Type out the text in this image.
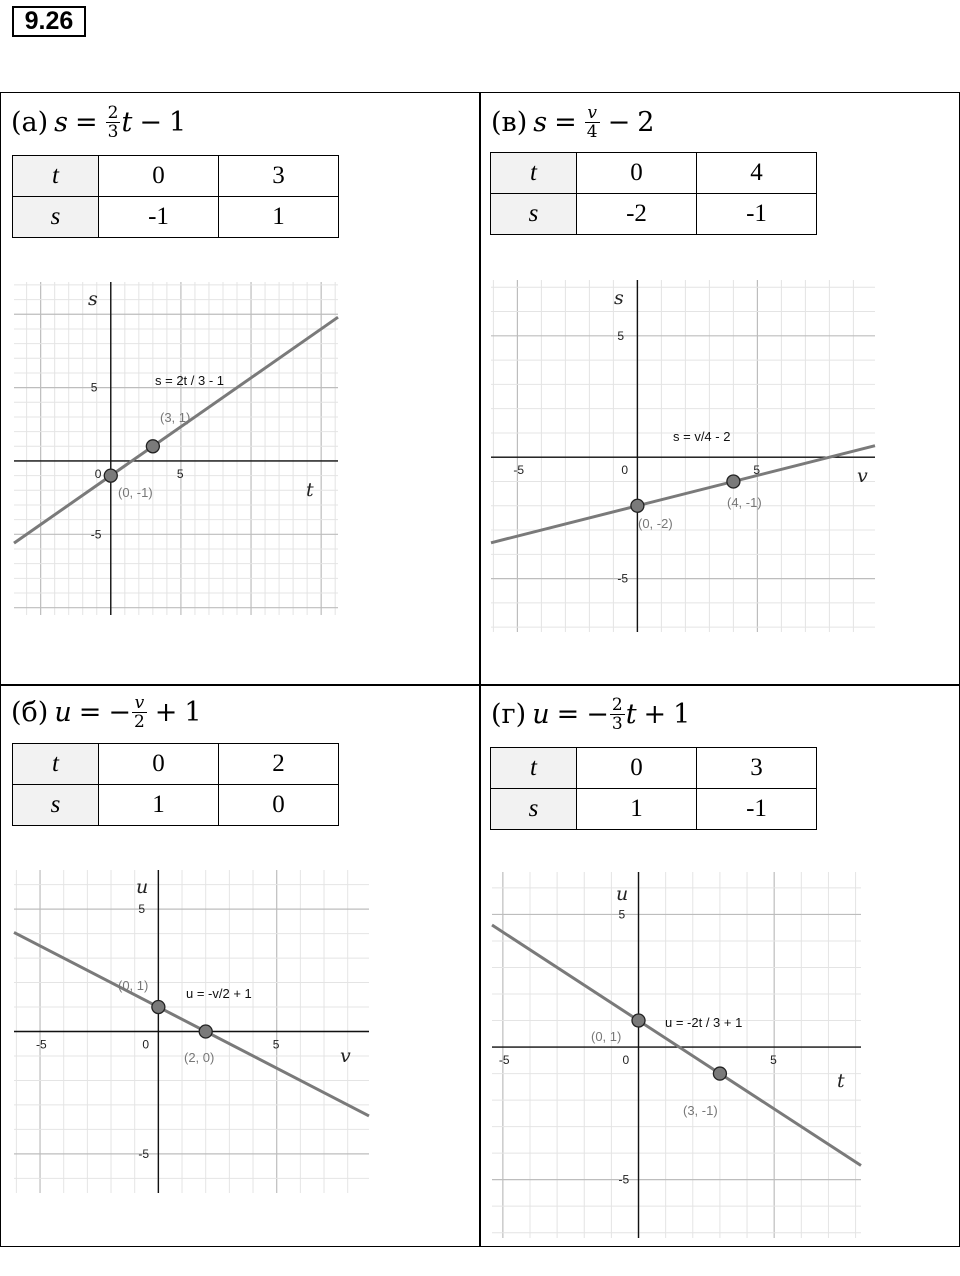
9.26
(а) $s = \frac{2}{3}$ t − 1
t	0	3
s	-1	1
(в) $s = \frac{v}{4} - 2$
t	0	4
s	-2	-1
(б) u = − $\frac{v}{2} + 1$
t	0	2
s	1	0
(г) u = − $\frac{2}{3}$ t + 1
t	0	3
s	1	-1
0	5
5
-5
t
s
s = 2t / 3 - 1
(0, -1)
(3, 1)
0
-5	5
5
-5
v
s
s = v/4 - 2
(0, -2)
(4, -1)
0
-5	5
5
-5
v
u
u = -v/2 + 1
(0, 1)
(2, 0)	0
-5	5
5
-5
t
u
u = -2t / 3 + 1
(0, 1)
(3, -1)
